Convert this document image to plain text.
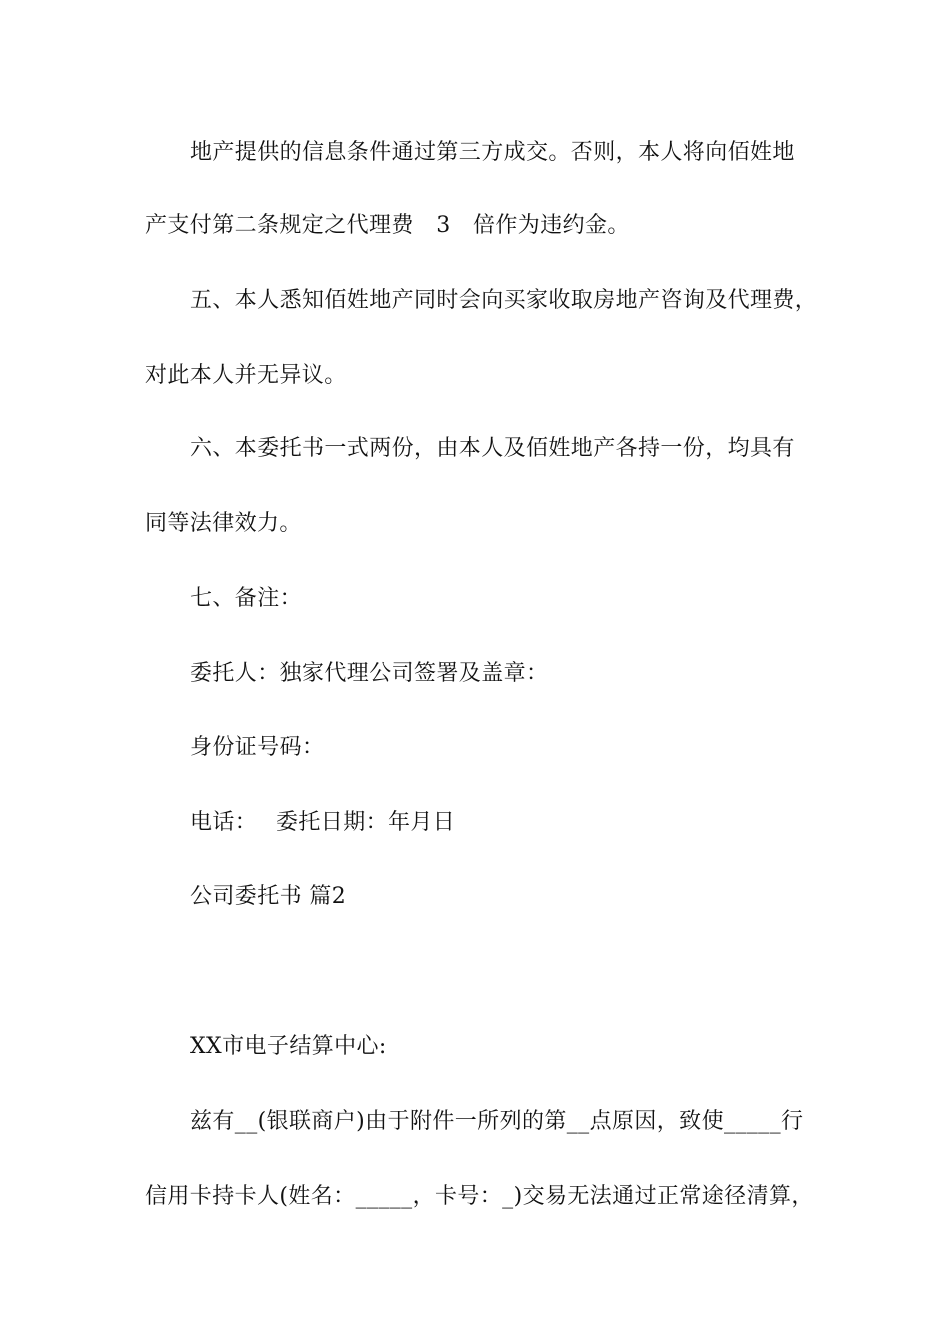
地产提供的信息条件通过第三方成交。否则，本人将向佰姓地
产支付第二条规定之代理费　3　倍作为违约金。
五、本人悉知佰姓地产同时会向买家收取房地产咨询及代理费，
对此本人并无异议。
六、本委托书一式两份，由本人及佰姓地产各持一份，均具有
同等法律效力。
七、备注：
委托人：独家代理公司签署及盖章：
身份证号码：
电话：　 委托日期：年月日
公司委托书 篇2
XX市电子结算中心:
兹有__(银联商户)由于附件一所列的第__点原因，致使_____行
信用卡持卡人(姓名：_____，卡号：_)交易无法通过正常途径清算，
